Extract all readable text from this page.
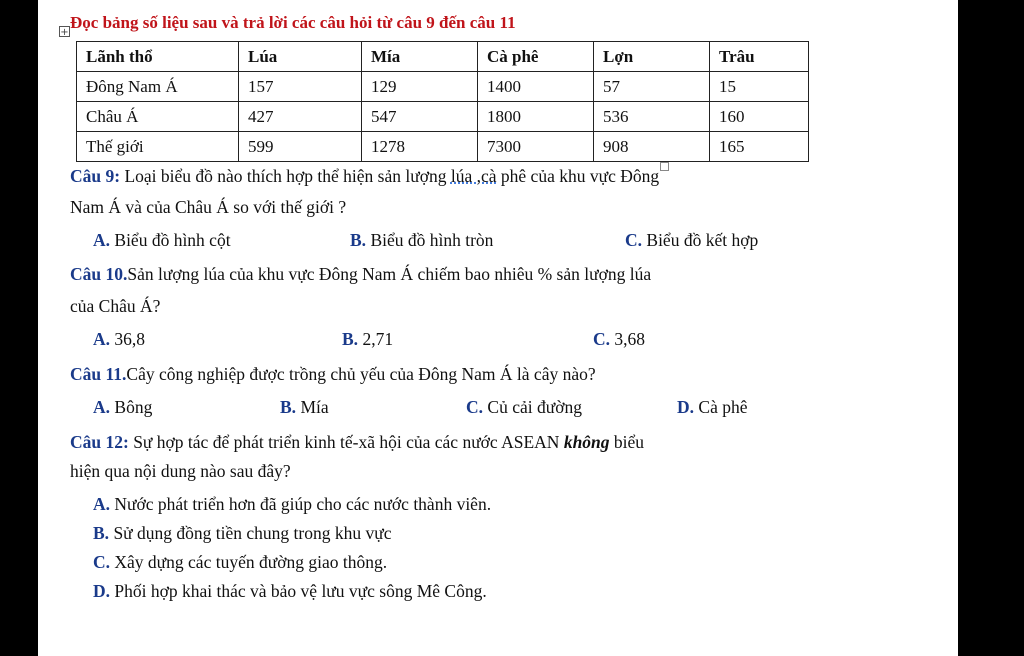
+
Đọc bảng số liệu sau và trả lời các câu hỏi từ câu 9 đến câu 11
Lãnh thổ	Lúa	Mía	Cà phê	Lợn	Trâu
Đông Nam Á	157	129	1400	57	15
Châu Á	427	547	1800	536	160
Thế giới	599	1278	7300	908	165
Câu 9: Loại biểu đồ nào thích hợp thể hiện sản lượng lúa ,cà phê của khu vực Đông
Nam Á và của Châu Á so với thế giới ?
A. Biểu đồ hình cột	B. Biểu đồ hình tròn	C. Biểu đồ kết hợp
Câu 10.Sản lượng lúa của khu vực Đông Nam Á chiếm bao nhiêu % sản lượng lúa
của Châu Á?
A. 36,8	B. 2,71	C. 3,68
Câu 11.Cây công nghiệp được trồng chủ yếu của Đông Nam Á là cây nào?
A. Bông	B. Mía	C. Củ cải đường	D. Cà phê
Câu 12: Sự hợp tác để phát triển kinh tế-xã hội của các nước ASEAN không biểu
hiện qua nội dung nào sau đây?
A. Nước phát triển hơn đã giúp cho các nước thành viên.
B. Sử dụng đồng tiền chung trong khu vực
C. Xây dựng các tuyến đường giao thông.
D. Phối hợp khai thác và bảo vệ lưu vực sông Mê Công.
